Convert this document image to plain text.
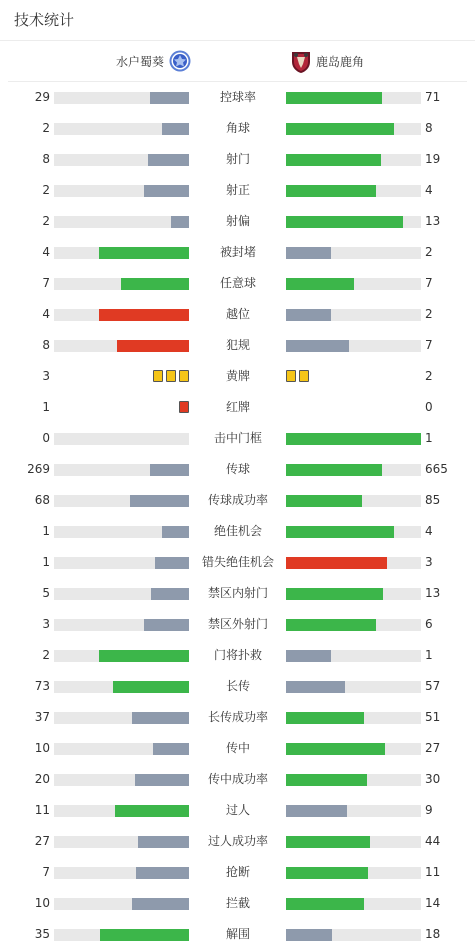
技术统计
水户蜀葵	鹿岛鹿角
29	控球率	71
2	角球	8
8	射门	19
2	射正	4
2	射偏	13
4	被封堵	2
7	任意球	7
4	越位	2
8	犯规	7
3	黄牌	2
1	红牌	0
0	击中门框	1
269	传球	665
68	传球成功率	85
1	绝佳机会	4
1	错失绝佳机会	3
5	禁区内射门	13
3	禁区外射门	6
2	门将扑救	1
73	长传	57
37	长传成功率	51
10	传中	27
20	传中成功率	30
11	过人	9
27	过人成功率	44
7	抢断	11
10	拦截	14
35	解围	18
